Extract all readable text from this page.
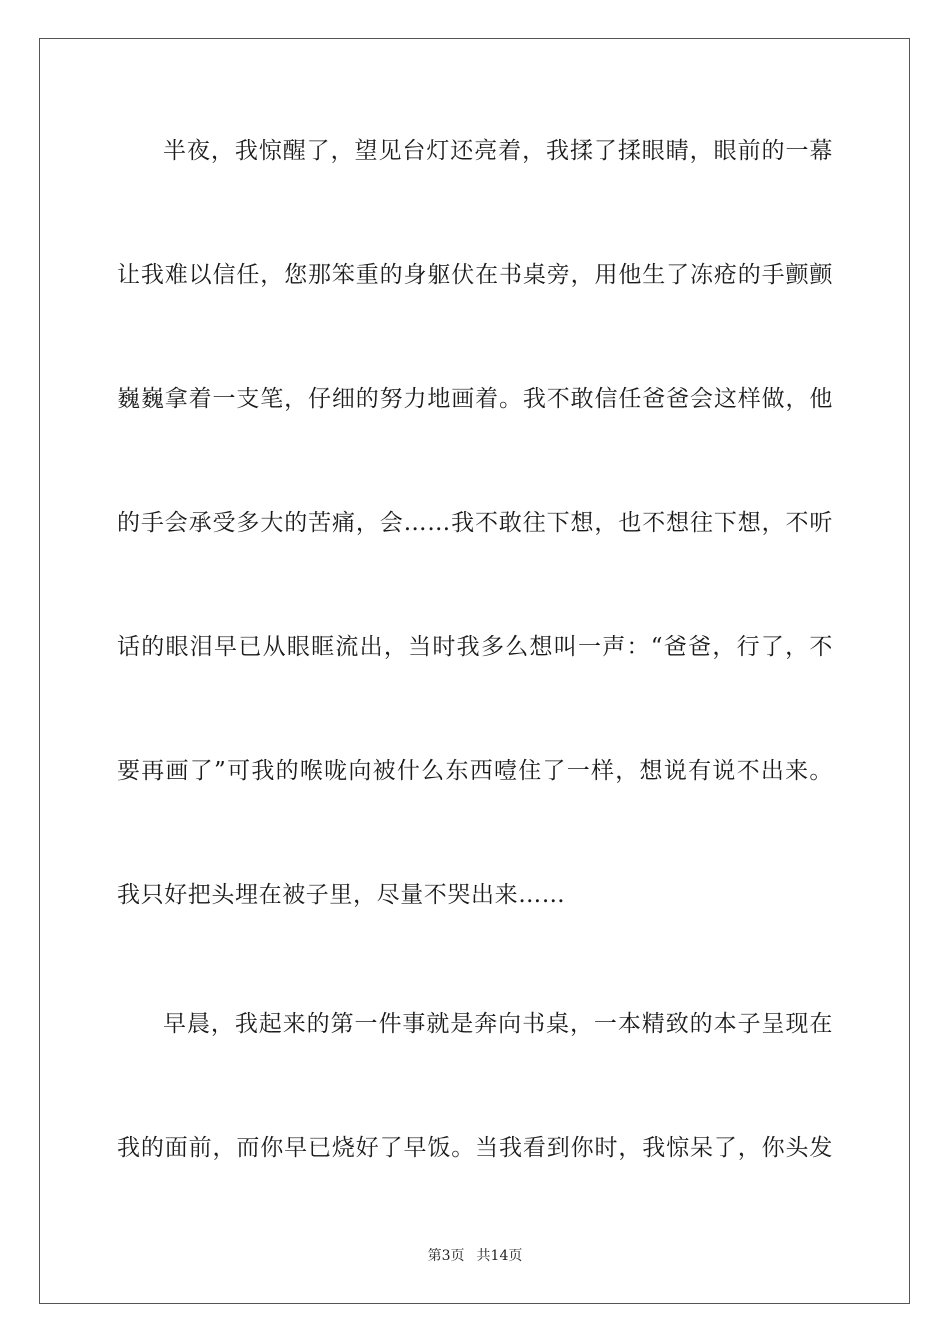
半夜，我惊醒了，望见台灯还亮着，我揉了揉眼睛，眼前的一幕
让我难以信任，您那笨重的身躯伏在书桌旁，用他生了冻疮的手颤颤
巍巍拿着一支笔，仔细的努力地画着。我不敢信任爸爸会这样做，他
的手会承受多大的苦痛，会……我不敢往下想，也不想往下想，不听
话的眼泪早已从眼眶流出，当时我多么想叫一声：“爸爸，行了，不
要再画了”可我的喉咙向被什么东西噎住了一样，想说有说不出来。
我只好把头埋在被子里，尽量不哭出来……
早晨，我起来的第一件事就是奔向书桌，一本精致的本子呈现在
我的面前，而你早已烧好了早饭。当我看到你时，我惊呆了，你头发
第3页 共14页
